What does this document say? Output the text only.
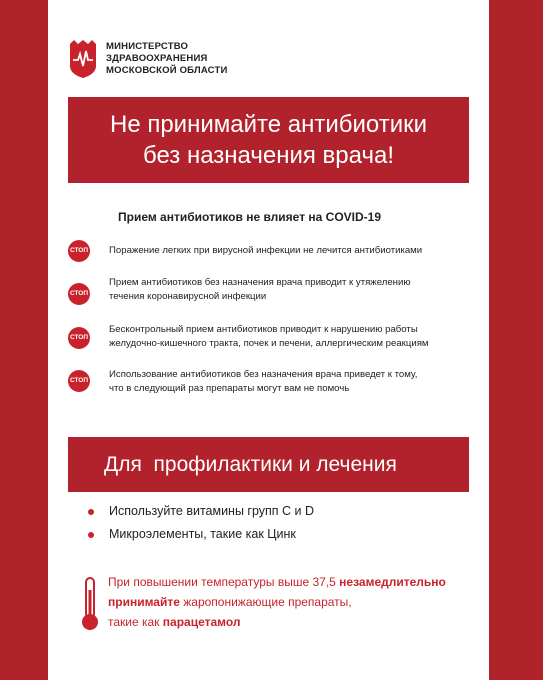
МИНИСТЕРСТВО
ЗДРАВООХРАНЕНИЯ
МОСКОВСКОЙ ОБЛАСТИ
Не принимайте антибиотики
без назначения врача!
Прием антибиотиков не влияет на COVID-19
СТОП Поражение легких при вирусной инфекции не лечится антибиотиками
СТОП
Прием антибиотиков без назначения врача приводит к утяжелению
течения коронавирусной инфекции
СТОП
Бесконтрольный прием антибиотиков приводит к нарушению работы
желудочно-кишечного тракта, почек и печени, аллергическим реакциям
СТОП
Использование антибиотиков без назначения врача приведет к тому,
что в следующий раз препараты могут вам не помочь
Для  профилактики и лечения
Используйте витамины групп С и D
Микроэлементы, такие как Цинк
При повышении температуры выше 37,5 незамедлительно
принимайте жаропонижающие препараты,
такие как парацетамол
